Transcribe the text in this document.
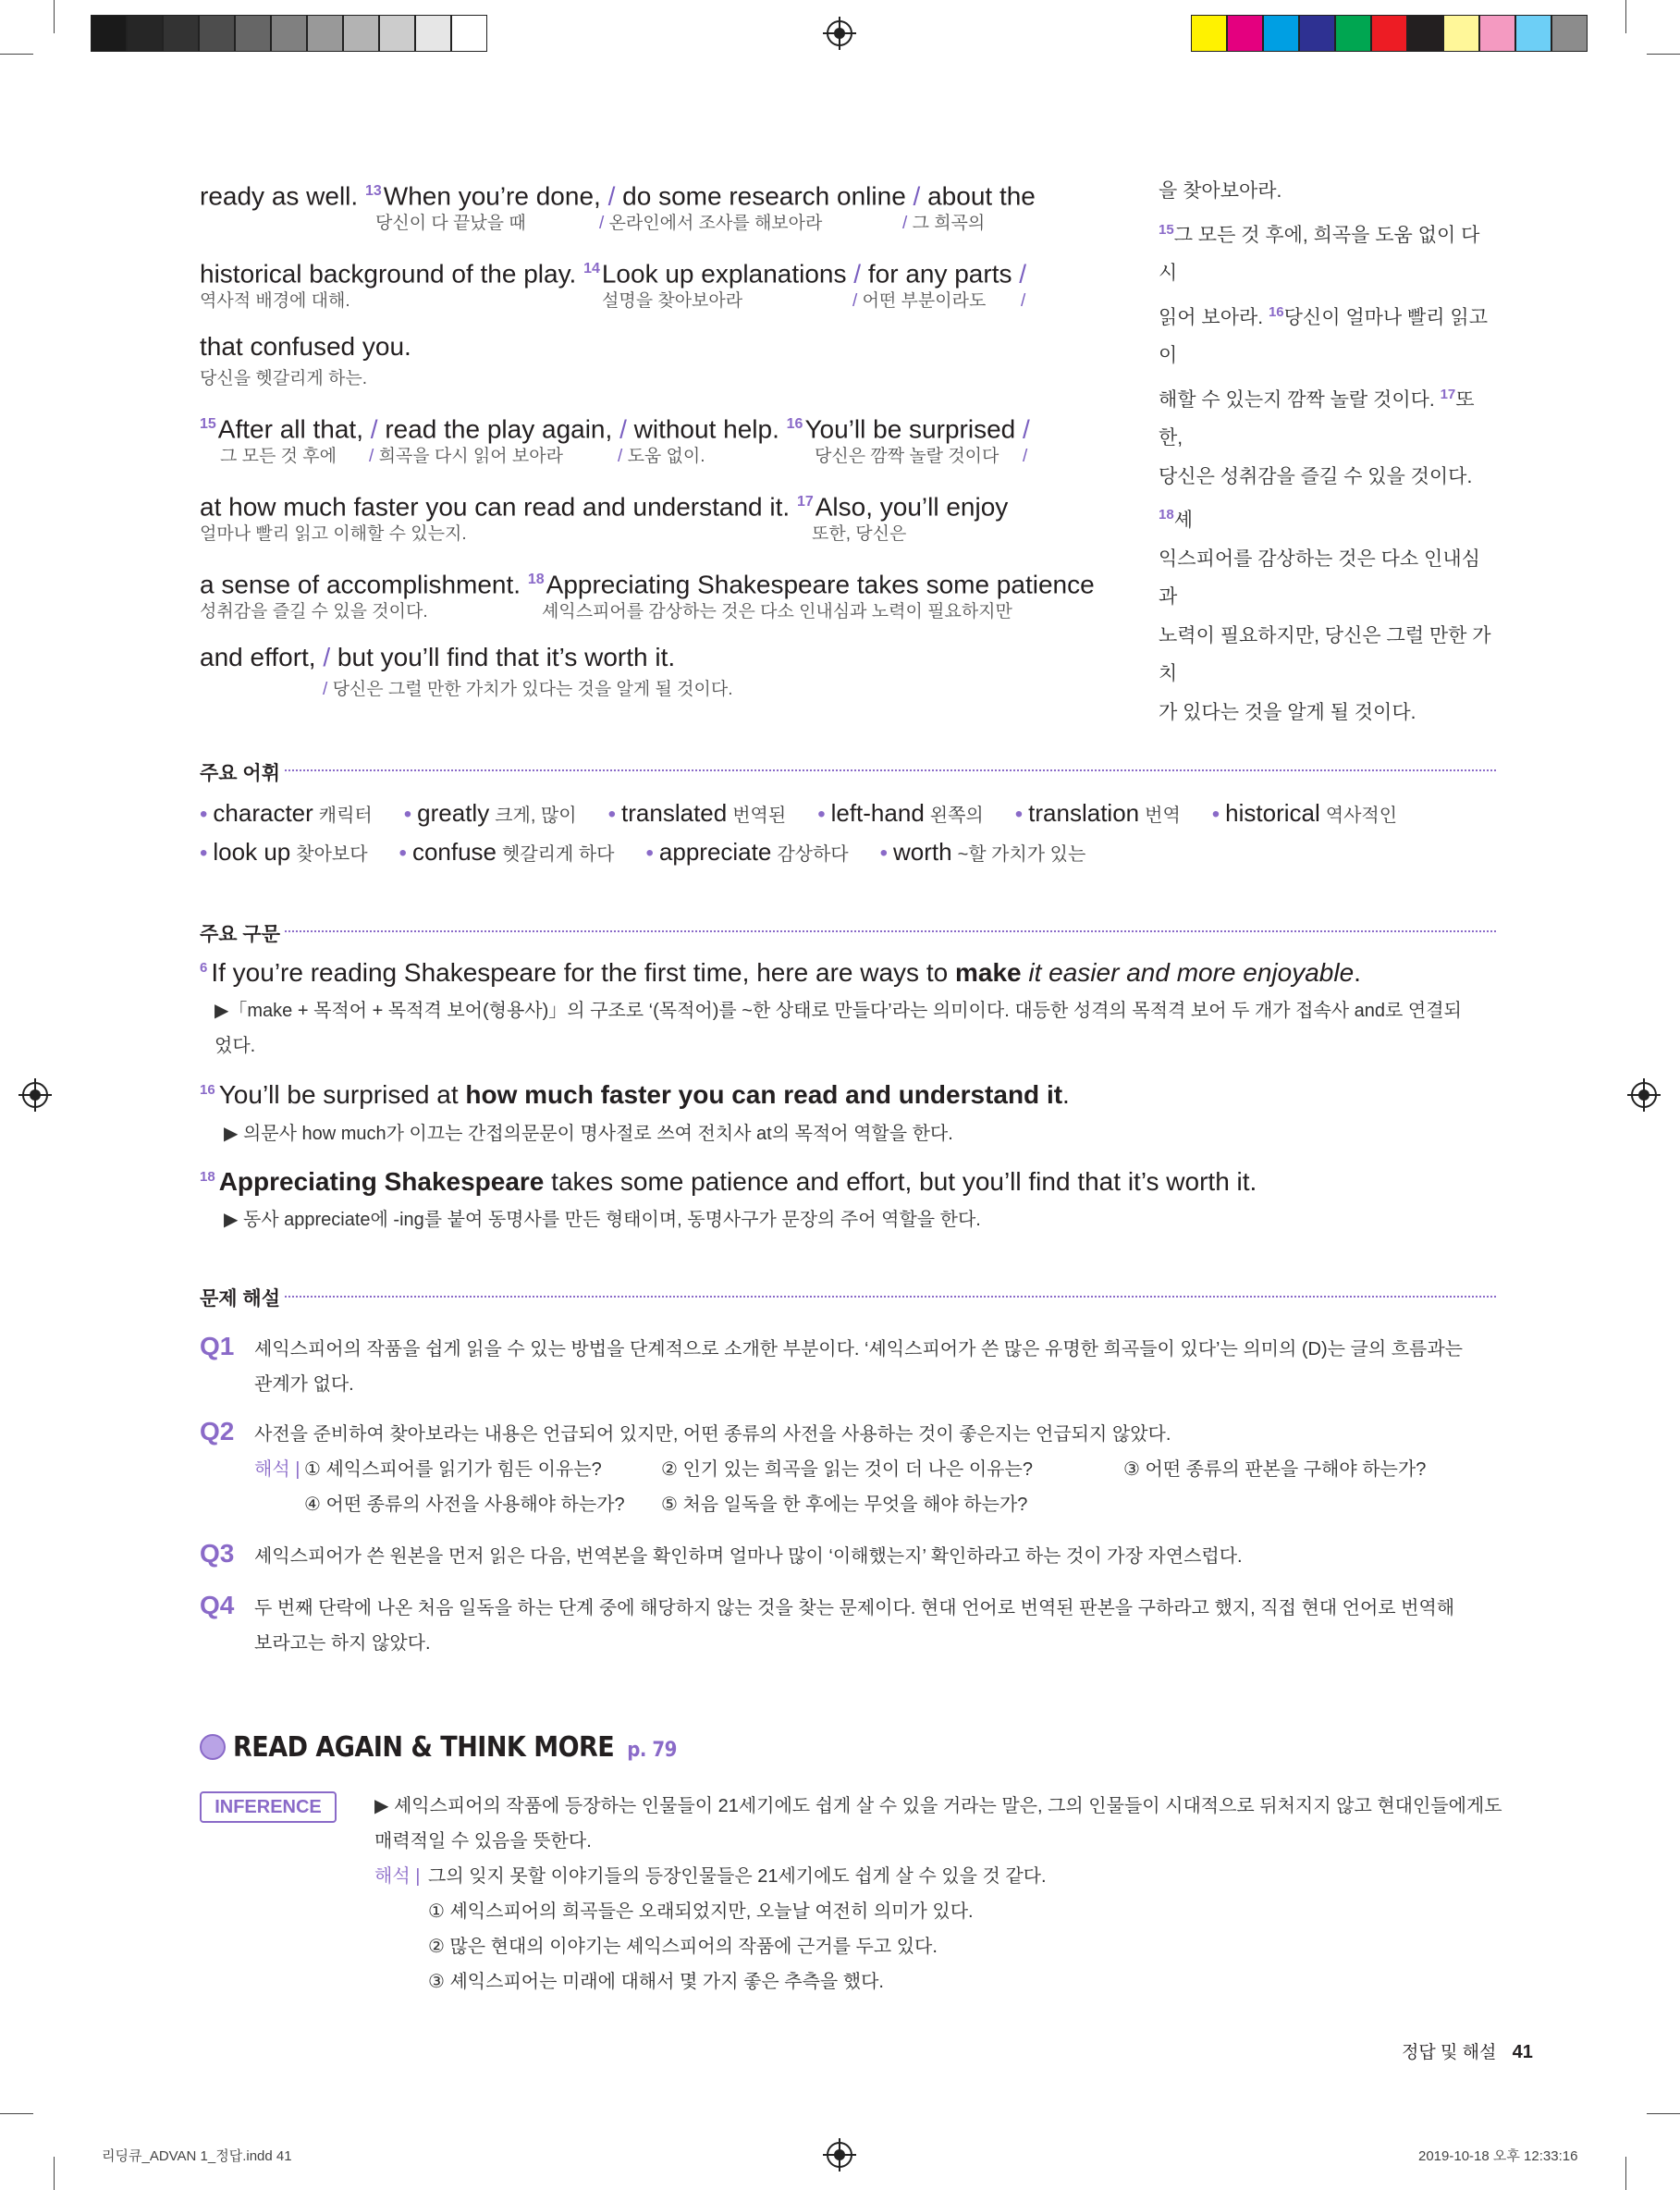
ready as well. $^{13}$When you’re done, / do some research online / about the
당신이 다 끝났을 때	/ 온라인에서 조사를 해보아라	/ 그 희곡의
historical background of the play. $^{14}$Look up explanations / for any parts /
역사적 배경에 대해.	설명을 찾아보아라	/ 어떤 부분이라도 /
that confused you.
당신을 헷갈리게 하는.
$^{15}$After all that, / read the play again, / without help. $^{16}$You’ll be surprised /
그 모든 것 후에 / 희곡을 다시 읽어 보아라	/ 도움 없이.	당신은 깜짝 놀랄 것이다 /
at how much faster you can read and understand it. $^{17}$Also, you’ll enjoy
얼마나 빨리 읽고 이해할 수 있는지.	또한, 당신은
a sense of accomplishment. $^{18}$Appreciating Shakespeare takes some patience
성취감을 즐길 수 있을 것이다.	셰익스피어를 감상하는 것은 다소 인내심과 노력이 필요하지만
and effort, / but you’ll find that it’s worth it.
/ 당신은 그럴 만한 가치가 있다는 것을 알게 될 것이다.
을 찾아보아라.
$^{15}$그 모든 것 후에, 희곡을 도움 없이 다시
읽어 보아라. $^{16}$당신이 얼마나 빨리 읽고 이
해할 수 있는지 깜짝 놀랄 것이다. $^{17}$또한,
당신은 성취감을 즐길 수 있을 것이다. $^{18}$셰
익스피어를 감상하는 것은 다소 인내심과
노력이 필요하지만, 당신은 그럴 만한 가치
가 있다는 것을 알게 될 것이다.
주요 어휘
• character 캐릭터 • greatly 크게, 많이 • translated 번역된 • left-hand 왼쪽의 • translation 번역 • historical 역사적인
• look up 찾아보다 • confuse 헷갈리게 하다 • appreciate 감상하다 • worth ~할 가치가 있는
주요 구문
$^6$ If you’re reading Shakespeare for the first time, here are ways to make it easier and more enjoyable.
▶「make + 목적어 + 목적격 보어(형용사)」의 구조로 ‘(목적어)를 ~한 상태로 만들다’라는 의미이다. 대등한 성격의 목적격 보어 두 개가 접속사 and로 연결되
었다.
$^{16}$ You’ll be surprised at how much faster you can read and understand it.
▶ 의문사 how much가 이끄는 간접의문문이 명사절로 쓰여 전치사 at의 목적어 역할을 한다.
$^{18}$ Appreciating Shakespeare takes some patience and effort, but you’ll find that it’s worth it.
▶ 동사 appreciate에 -ing를 붙여 동명사를 만든 형태이며, 동명사구가 문장의 주어 역할을 한다.
문제 해설
Q1 셰익스피어의 작품을 쉽게 읽을 수 있는 방법을 단계적으로 소개한 부분이다. ‘셰익스피어가 쓴 많은 유명한 희곡들이 있다’는 의미의 (D)는 글의 흐름과는
관계가 없다.
Q2 사전을 준비하여 찾아보라는 내용은 언급되어 있지만, 어떤 종류의 사전을 사용하는 것이 좋은지는 언급되지 않았다.
해석 | ① 셰익스피어를 읽기가 힘든 이유는?	② 인기 있는 희곡을 읽는 것이 더 나은 이유는?	③ 어떤 종류의 판본을 구해야 하는가?
④ 어떤 종류의 사전을 사용해야 하는가? ⑤ 처음 일독을 한 후에는 무엇을 해야 하는가?
Q3 셰익스피어가 쓴 원본을 먼저 읽은 다음, 번역본을 확인하며 얼마나 많이 ‘이해했는지’ 확인하라고 하는 것이 가장 자연스럽다.
Q4 두 번째 단락에 나온 처음 일독을 하는 단계 중에 해당하지 않는 것을 찾는 문제이다. 현대 언어로 번역된 판본을 구하라고 했지, 직접 현대 언어로 번역해
보라고는 하지 않았다.
READ AGAIN & THINK MORE p. 79
INFERENCE	▶ 셰익스피어의 작품에 등장하는 인물들이 21세기에도 쉽게 살 수 있을 거라는 말은, 그의 인물들이 시대적으로 뒤처지지 않고 현대인들에게도
매력적일 수 있음을 뜻한다.
해석 | 그의 잊지 못할 이야기들의 등장인물들은 21세기에도 쉽게 살 수 있을 것 같다.
① 셰익스피어의 희곡들은 오래되었지만, 오늘날 여전히 의미가 있다.
② 많은 현대의 이야기는 셰익스피어의 작품에 근거를 두고 있다.
③ 셰익스피어는 미래에 대해서 몇 가지 좋은 추측을 했다.
정답 및 해설 41
리딩큐_ADVAN 1_정답.indd 41	2019-10-18 오후 12:33:16
